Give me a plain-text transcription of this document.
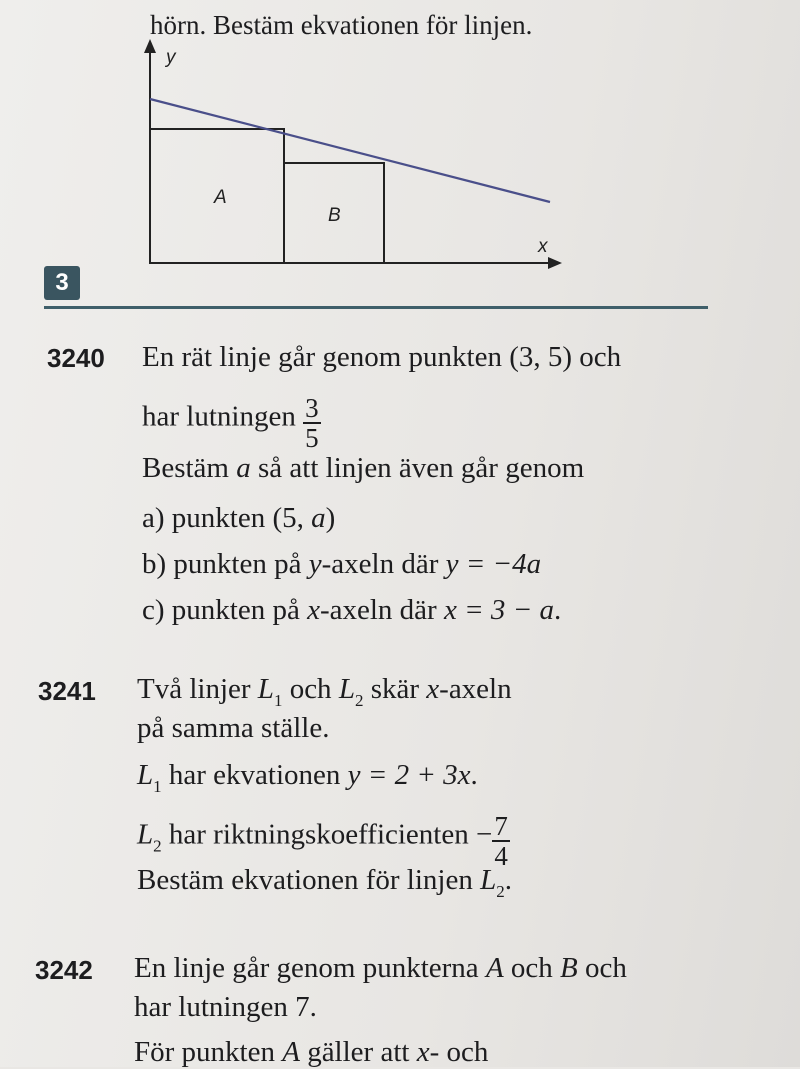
hörn. Bestäm ekvationen för linjen.
y
x
A
B
3
3240 En rät linje går genom punkten (3, 5) och
har lutningen $\frac{3}{5}$
Bestäm a så att linjen även går genom
a) punkten (5, a)
b) punkten på y-axeln där y = −4a
c) punkten på x-axeln där x = 3 − a.
3241 Två linjer $L_1$ och $L_2$ skär x-axeln
på samma ställe.
$L_1$ har ekvationen y = 2 + 3x.
$L_2$ har riktningskoefficienten − $\frac{7}{4}$
Bestäm ekvationen för linjen $L_2$.
3242 En linje går genom punkterna A och B och
har lutningen 7.
För punkten A gäller att x- och
